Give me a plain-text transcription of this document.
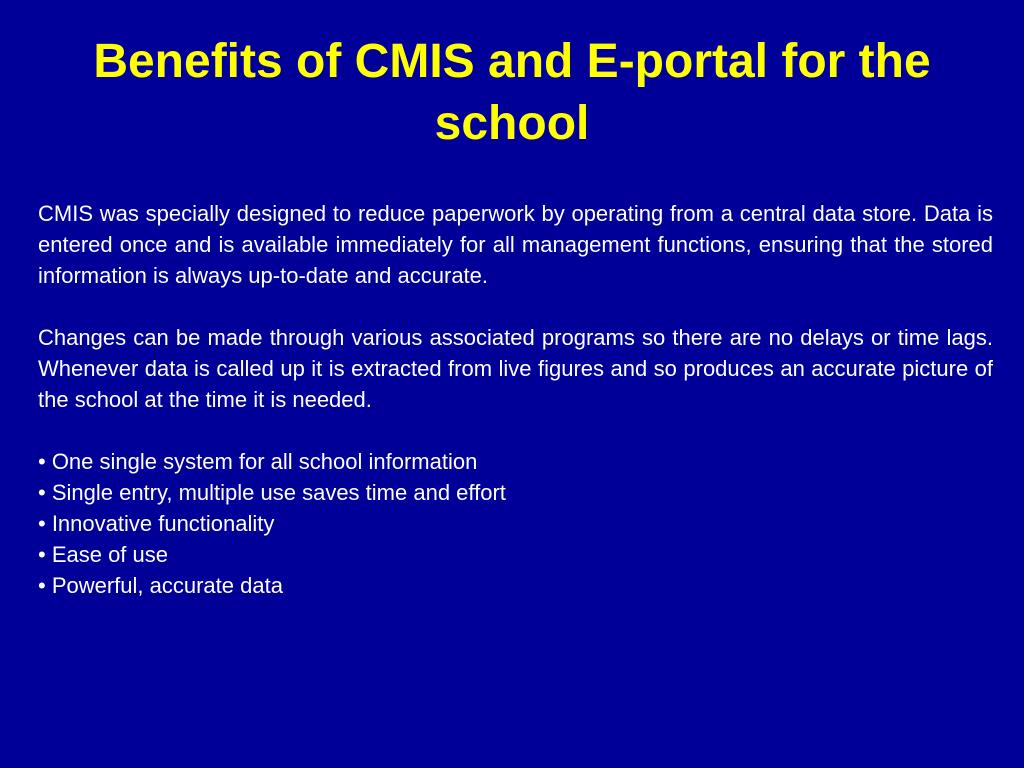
Benefits of CMIS and E-portal for the school

CMIS was specially designed to reduce paperwork by operating from a central data store. Data is entered once and is available immediately for all management functions, ensuring that the stored information is always up-to-date and accurate.

Changes can be made through various associated programs so there are no delays or time lags. Whenever data is called up it is extracted from live figures and so produces an accurate picture of the school at the time it is needed.

• One single system for all school information
• Single entry, multiple use saves time and effort
• Innovative functionality
• Ease of use
• Powerful, accurate data
